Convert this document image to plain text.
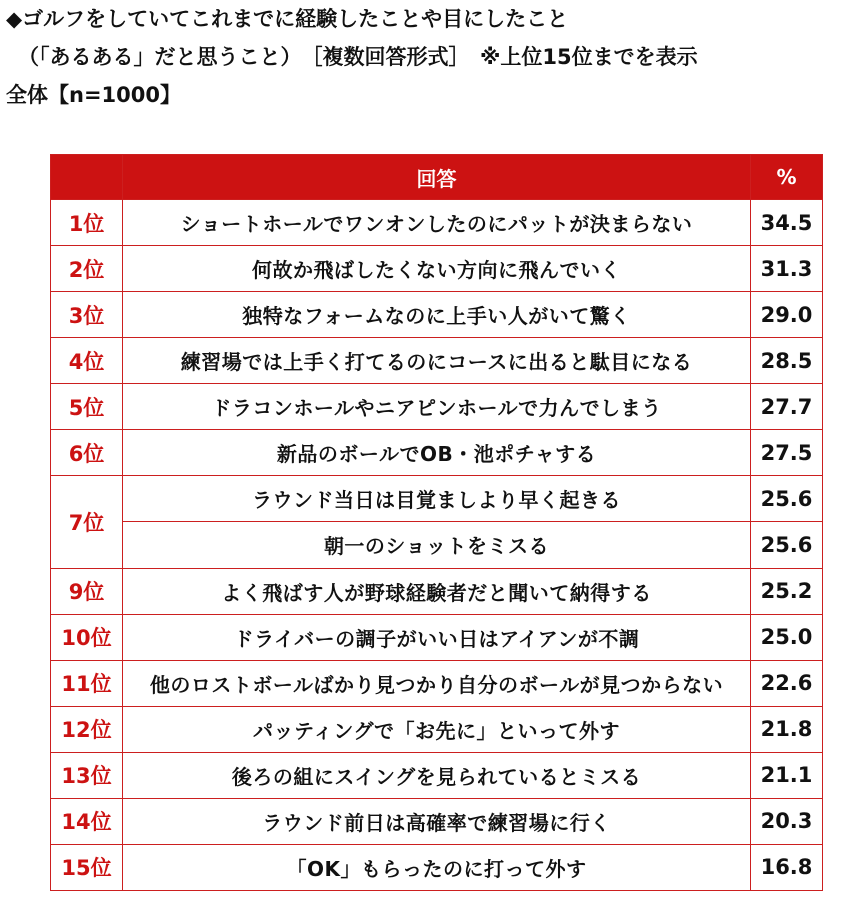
◆ゴルフをしていてこれまでに経験したことや目にしたこと
（「あるある」だと思うこと）　［複数回答形式］　※上位15位までを表示
全体【n=1000】
	回答	%
1位	ショートホールでワンオンしたのにパットが決まらない	34.5
2位	何故か飛ばしたくない方向に飛んでいく	31.3
3位	独特なフォームなのに上手い人がいて驚く	29.0
4位	練習場では上手く打てるのにコースに出ると駄目になる	28.5
5位	ドラコンホールやニアピンホールで力んでしまう	27.7
6位	新品のボールでOB・池ポチャする	27.5
7位	ラウンド当日は目覚ましより早く起きる	25.6
	朝一のショットをミスる	25.6
9位	よく飛ばす人が野球経験者だと聞いて納得する	25.2
10位	ドライバーの調子がいい日はアイアンが不調	25.0
11位	他のロストボールばかり見つかり自分のボールが見つからない	22.6
12位	パッティングで「お先に」といって外す	21.8
13位	後ろの組にスイングを見られているとミスる	21.1
14位	ラウンド前日は高確率で練習場に行く	20.3
15位	「OK」もらったのに打って外す	16.8
